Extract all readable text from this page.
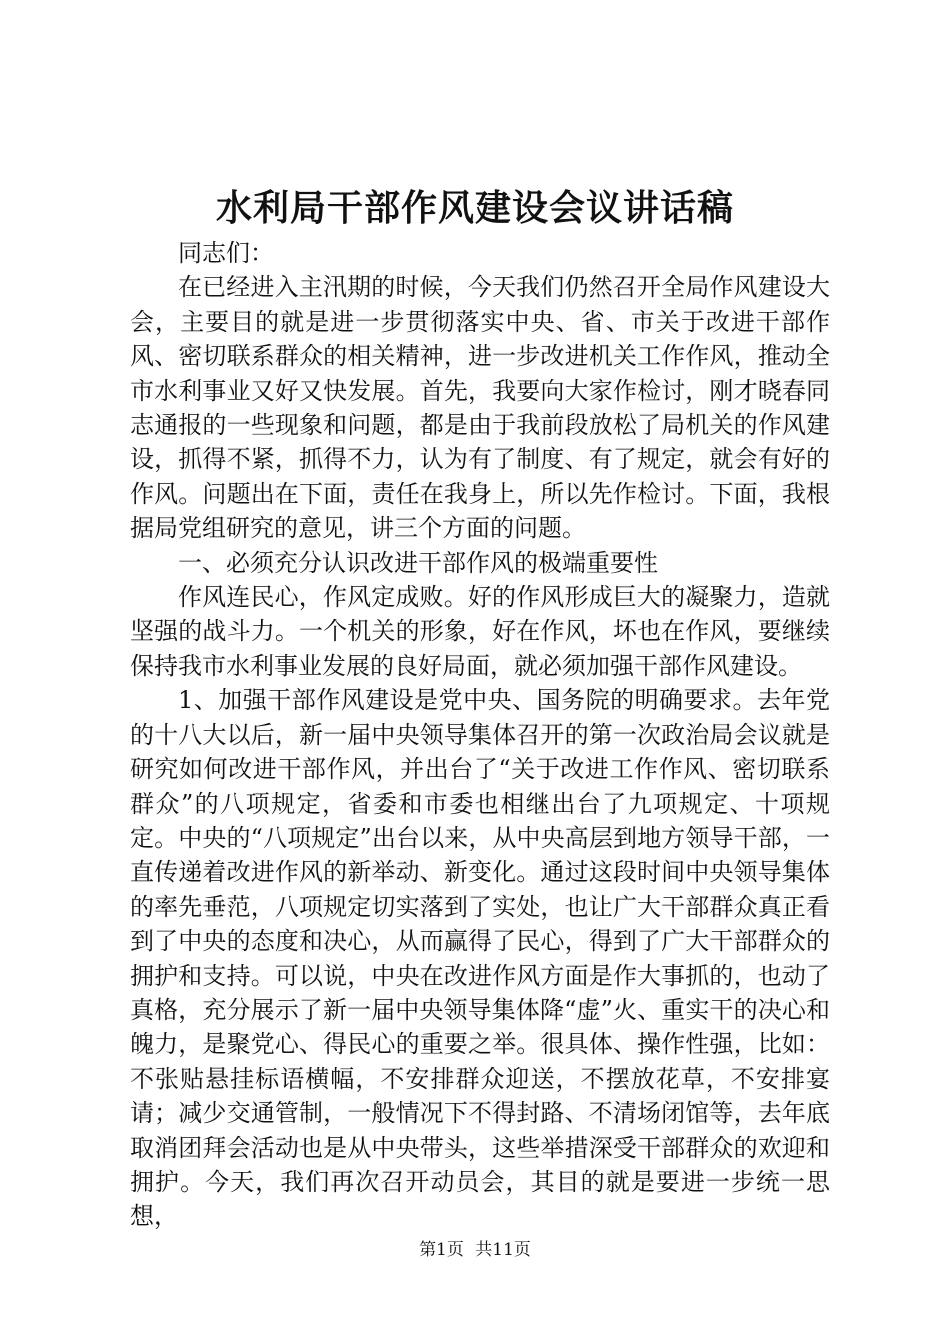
水利局干部作风建设会议讲话稿

同志们：

在已经进入主汛期的时候，今天我们仍然召开全局作风建设大会，主要目的就是进一步贯彻落实中央、省、市关于改进干部作风、密切联系群众的相关精神，进一步改进机关工作作风，推动全市水利事业又好又快发展。首先，我要向大家作检讨，刚才晓春同志通报的一些现象和问题，都是由于我前段放松了局机关的作风建设，抓得不紧，抓得不力，认为有了制度、有了规定，就会有好的作风。问题出在下面，责任在我身上，所以先作检讨。下面，我根据局党组研究的意见，讲三个方面的问题。

一、必须充分认识改进干部作风的极端重要性

作风连民心，作风定成败。好的作风形成巨大的凝聚力，造就坚强的战斗力。一个机关的形象，好在作风，坏也在作风，要继续保持我市水利事业发展的良好局面，就必须加强干部作风建设。

1、加强干部作风建设是党中央、国务院的明确要求。去年党的十八大以后，新一届中央领导集体召开的第一次政治局会议就是研究如何改进干部作风，并出台了“关于改进工作作风、密切联系群众”的八项规定，省委和市委也相继出台了九项规定、十项规定。中央的“八项规定”出台以来，从中央高层到地方领导干部，一直传递着改进作风的新举动、新变化。通过这段时间中央领导集体的率先垂范，八项规定切实落到了实处，也让广大干部群众真正看到了中央的态度和决心，从而赢得了民心，得到了广大干部群众的拥护和支持。可以说，中央在改进作风方面是作大事抓的，也动了真格，充分展示了新一届中央领导集体降“虚”火、重实干的决心和魄力，是聚党心、得民心的重要之举。很具体、操作性强，比如：不张贴悬挂标语横幅，不安排群众迎送，不摆放花草，不安排宴请；减少交通管制，一般情况下不得封路、不清场闭馆等，去年底取消团拜会活动也是从中央带头，这些举措深受干部群众的欢迎和拥护。今天，我们再次召开动员会，其目的就是要进一步统一思想，

第1页 共11页
